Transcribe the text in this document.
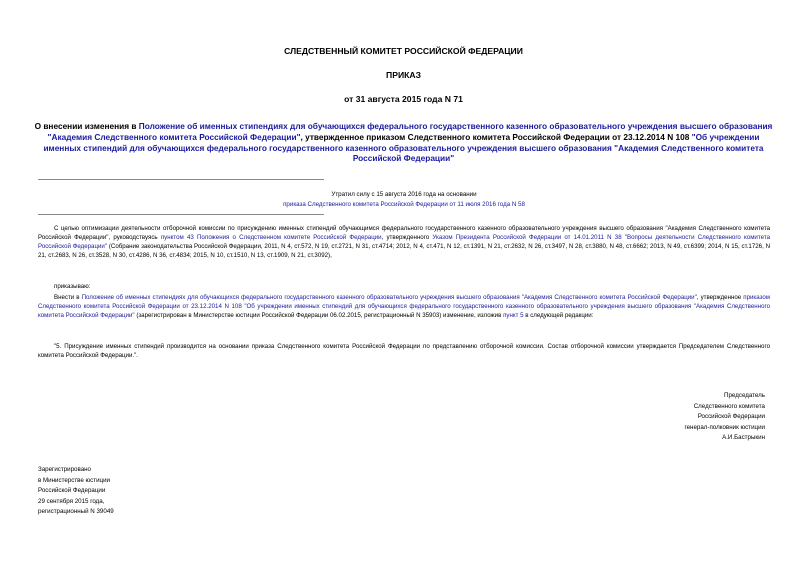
СЛЕДСТВЕННЫЙ КОМИТЕТ РОССИЙСКОЙ ФЕДЕРАЦИИ
ПРИКАЗ
от 31 августа 2015 года N 71
О внесении изменения в Положение об именных стипендиях для обучающихся федерального государственного казенного образовательного учреждения высшего образования "Академия Следственного комитета Российской Федерации", утвержденное приказом Следственного комитета Российской Федерации от 23.12.2014 N 108 "Об учреждении именных стипендий для обучающихся федерального государственного казенного образовательного учреждения высшего образования "Академия Следственного комитета Российской Федерации"
Утратил силу с 15 августа 2016 года на основании
приказа Следственного комитета Российской Федерации от 11 июля 2016 года N 58
С целью оптимизации деятельности отборочной комиссии по присуждению именных стипендий обучающимся федерального государственного казенного образовательного учреждения высшего образования "Академия Следственного комитета Российской Федерации", руководствуясь пунктом 43 Положения о Следственном комитете Российской Федерации, утвержденного Указом Президента Российской Федерации от 14.01.2011 N 38 "Вопросы деятельности Следственного комитета Российской Федерации" (Собрание законодательства Российской Федерации, 2011, N 4, ст.572, N 19, ст.2721, N 31, ст.4714; 2012, N 4, ст.471, N 12, ст.1391, N 21, ст.2632, N 26, ст.3497, N 28, ст.3880, N 48, ст.6662; 2013, N 49, ст.6399; 2014, N 15, ст.1726, N 21, ст.2683, N 26, ст.3528, N 30, ст.4286, N 36, ст.4834; 2015, N 10, ст.1510, N 13, ст.1909, N 21, ст.3092),
приказываю:
Внести в Положение об именных стипендиях для обучающихся федерального государственного казенного образовательного учреждения высшего образования "Академия Следственного комитета Российской Федерации", утвержденное приказом Следственного комитета Российской Федерации от 23.12.2014 N 108 "Об учреждении именных стипендий для обучающихся федерального государственного казенного образовательного учреждения высшего образования "Академия Следственного комитета Российской Федерации" (зарегистрирован в Министерстве юстиции Российской Федерации 06.02.2015, регистрационный N 35903) изменение, изложив пункт 5 в следующей редакции:
"5. Присуждение именных стипендий производится на основании приказа Следственного комитета Российской Федерации по представлению отборочной комиссии. Состав отборочной комиссии утверждается Председателем Следственного комитета Российской Федерации.".
Председатель
Следственного комитета
Российской Федерации
генерал-полковник юстиции
А.И.Бастрыкин
Зарегистрировано
в Министерстве юстиции
Российской Федерации
29 сентября 2015 года,
регистрационный N 39049
